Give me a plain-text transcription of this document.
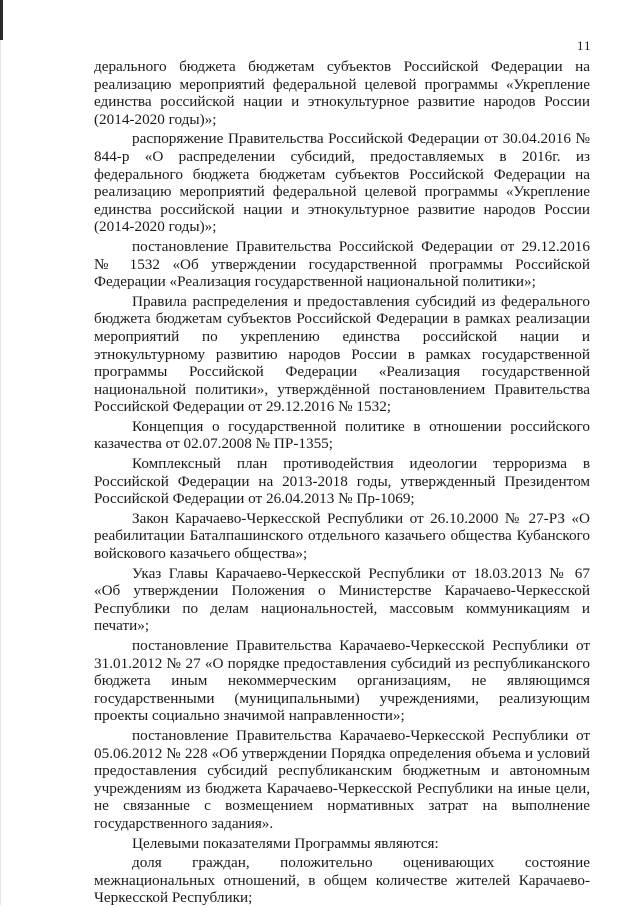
11

дерального бюджета бюджетам субъектов Российской Федерации на реализацию мероприятий федеральной целевой программы «Укрепление единства российской нации и этнокультурное развитие народов России (2014-2020 годы)»;

распоряжение Правительства Российской Федерации от 30.04.2016 № 844-р «О распределении субсидий, предоставляемых в 2016г. из федерального бюджета бюджетам субъектов Российской Федерации на реализацию мероприятий федеральной целевой программы «Укрепление единства российской нации и этнокультурное развитие народов России (2014-2020 годы)»;

постановление Правительства Российской Федерации от 29.12.2016 № 1532 «Об утверждении государственной программы Российской Федерации «Реализация государственной национальной политики»;

Правила распределения и предоставления субсидий из федерального бюджета бюджетам субъектов Российской Федерации в рамках реализации мероприятий по укреплению единства российской нации и этнокультурному развитию народов России в рамках государственной программы Российской Федерации «Реализация государственной национальной политики», утверждённой постановлением Правительства Российской Федерации от 29.12.2016 № 1532;

Концепция о государственной политике в отношении российского казачества от 02.07.2008 № ПР-1355;

Комплексный план противодействия идеологии терроризма в Российской Федерации на 2013-2018 годы, утвержденный Президентом Российской Федерации от 26.04.2013 № Пр-1069;

Закон Карачаево-Черкесской Республики от 26.10.2000 № 27-РЗ «О реабилитации Баталпашинского отдельного казачьего общества Кубанского войскового казачьего общества»;

Указ Главы Карачаево-Черкесской Республики от 18.03.2013 № 67 «Об утверждении Положения о Министерстве Карачаево-Черкесской Республики по делам национальностей, массовым коммуникациям и печати»;

постановление Правительства Карачаево-Черкесской Республики от 31.01.2012 № 27 «О порядке предоставления субсидий из республиканского бюджета иным некоммерческим организациям, не являющимся государственными (муниципальными) учреждениями, реализующим проекты социально значимой направленности»;

постановление Правительства Карачаево-Черкесской Республики от 05.06.2012 № 228 «Об утверждении Порядка определения объема и условий предоставления субсидий республиканским бюджетным и автономным учреждениям из бюджета Карачаево-Черкесской Республики на иные цели, не связанные с возмещением нормативных затрат на выполнение государственного задания».

Целевыми показателями Программы являются:

доля граждан, положительно оценивающих состояние межнациональных отношений, в общем количестве жителей Карачаево-Черкесской Республики;
